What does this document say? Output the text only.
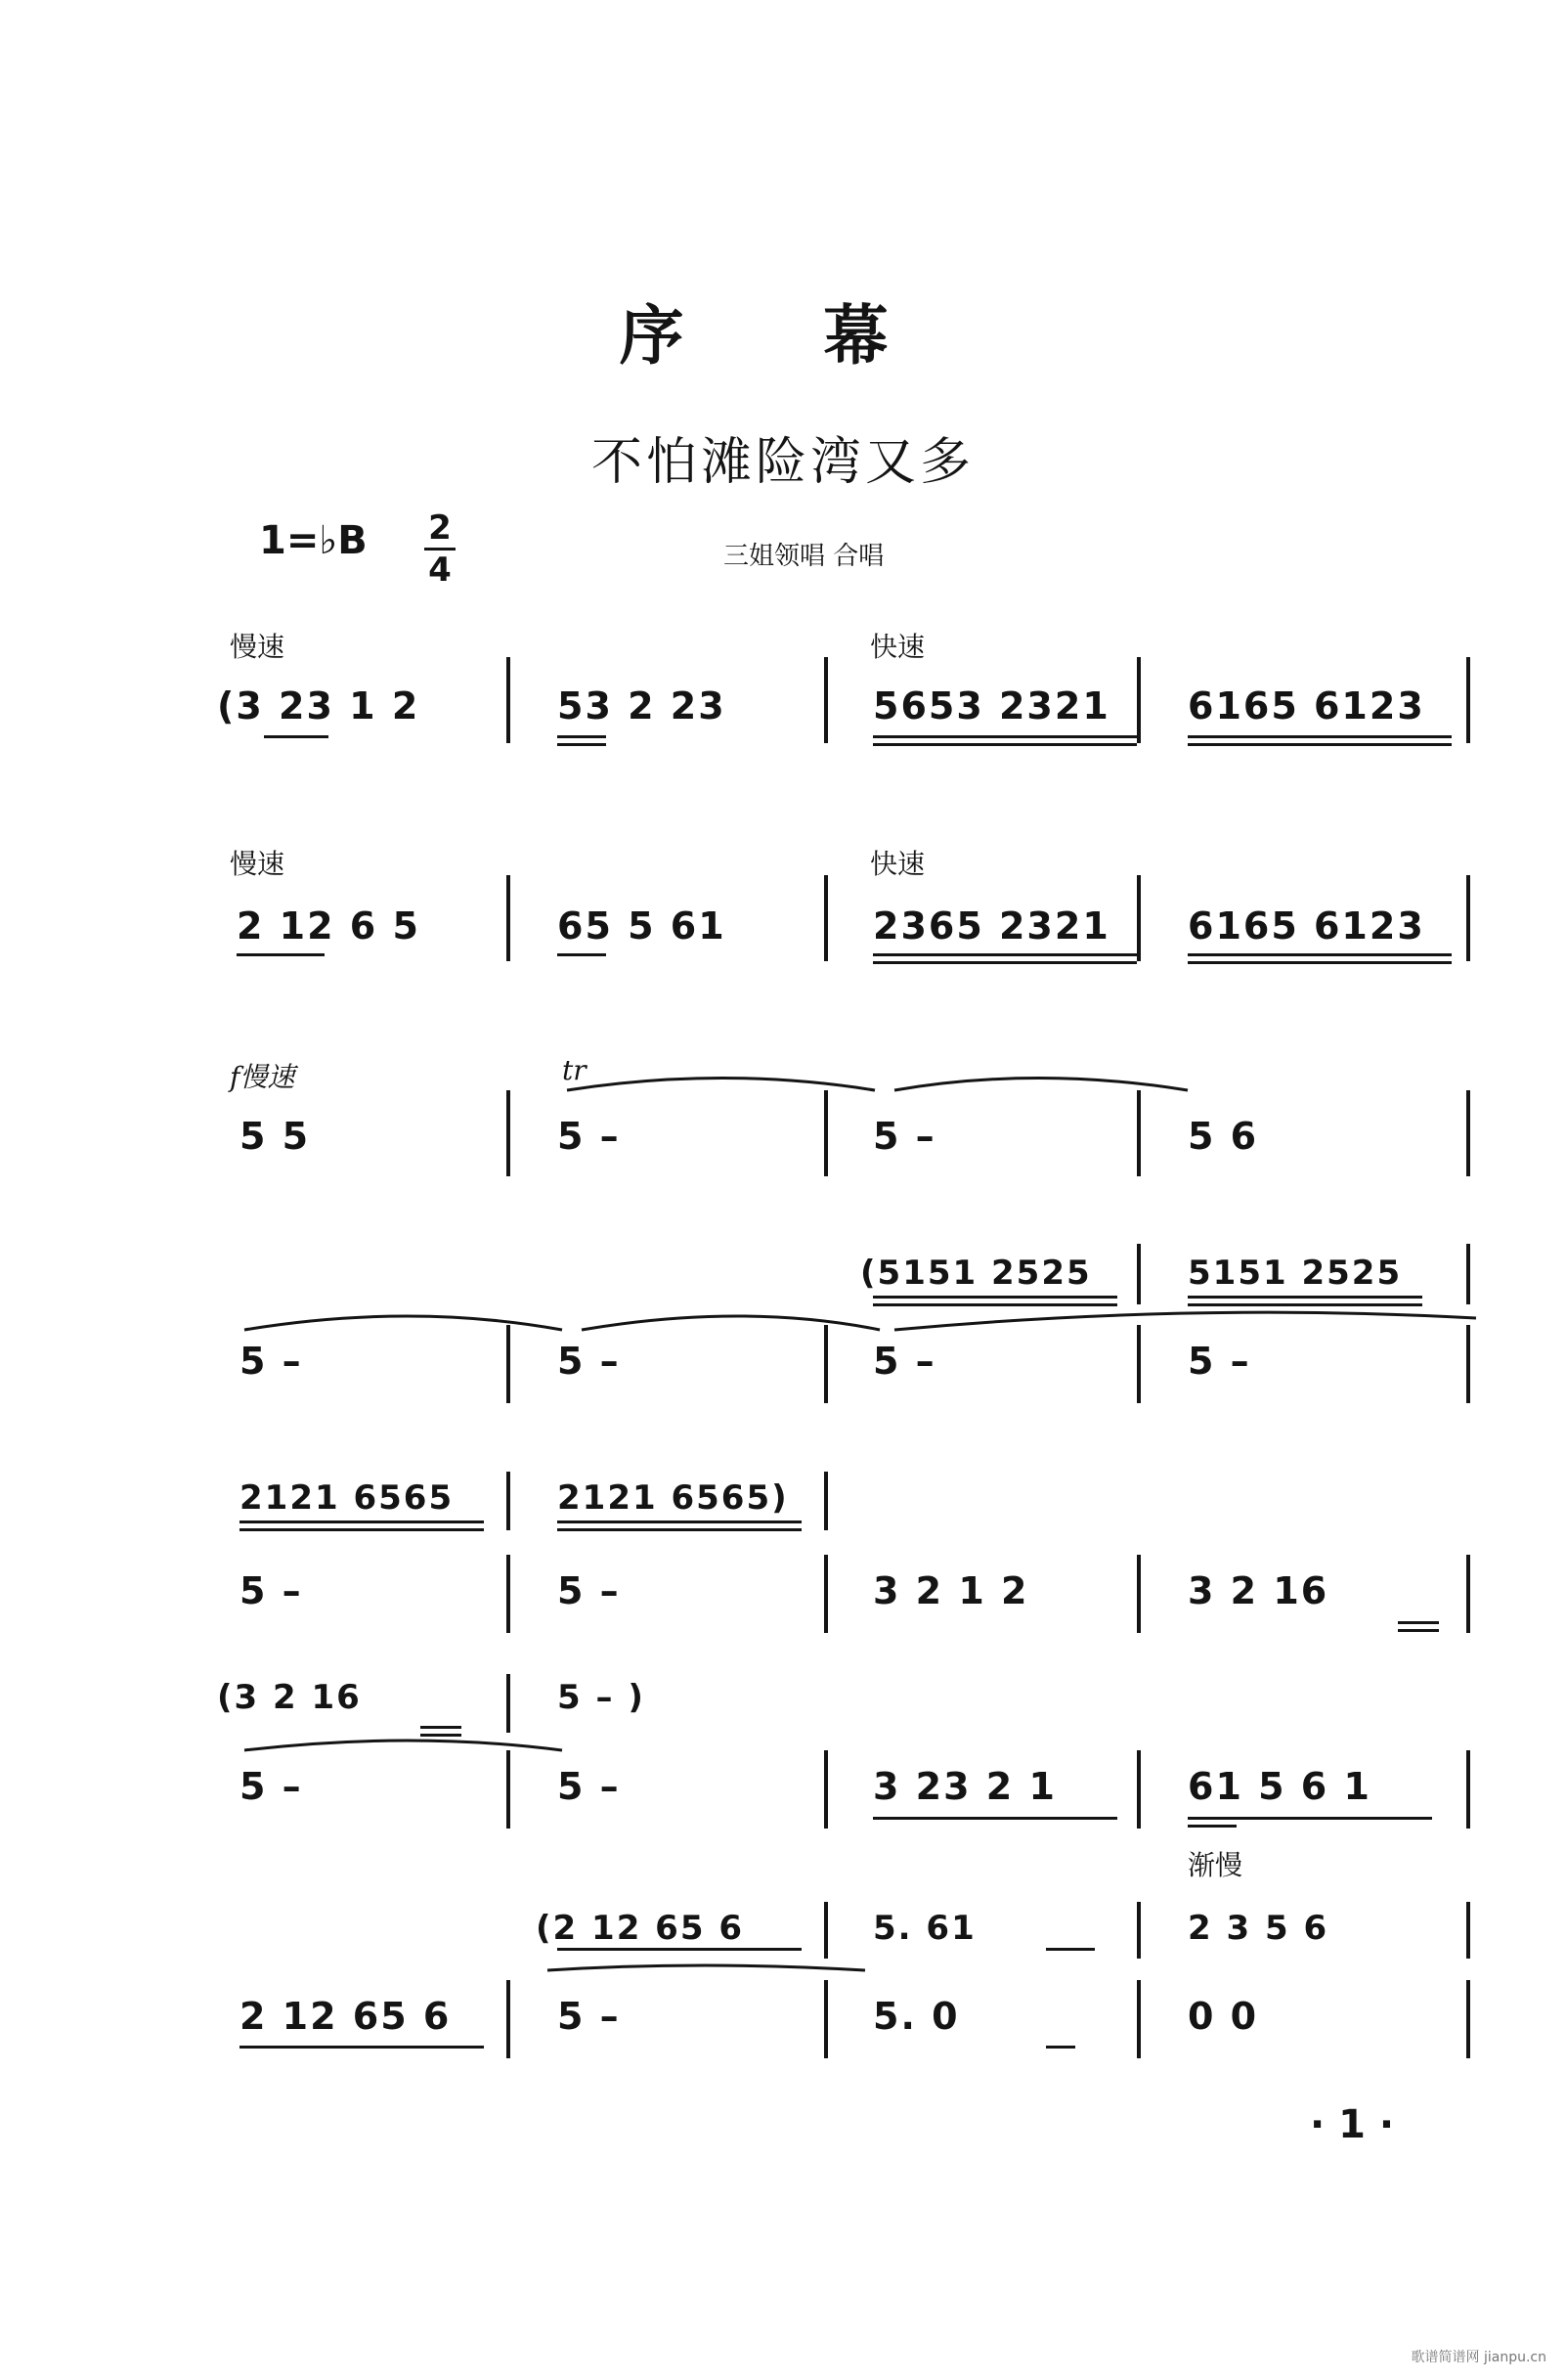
序 幕
不怕滩险湾又多
1=♭B 2
4	三姐领唱 合唱
慢速	快速
慢速	快速
f慢速	tr
渐慢
(3 23 1 2	53 2 23	5653 2321 6165 6123
2 12 6 5	65 5 61	2365 2321 6165 6123
5 5	5 –	5 –	5 6
(5151 2525	5151 2525
5 –	5 –	5 –	5 –
2121 6565	2121 6565)
5 –	5 –	3 2 1 2	3 2 16
(3 2 16	5 – )
5 –	5 –	3 23 2 1	61 5 6 1
(2 12 65 6	5. 61	2 3 5 6
2 12 65 6	5 –	5. 0	0 0
· 1 ·
歌谱简谱网 jianpu.cn
